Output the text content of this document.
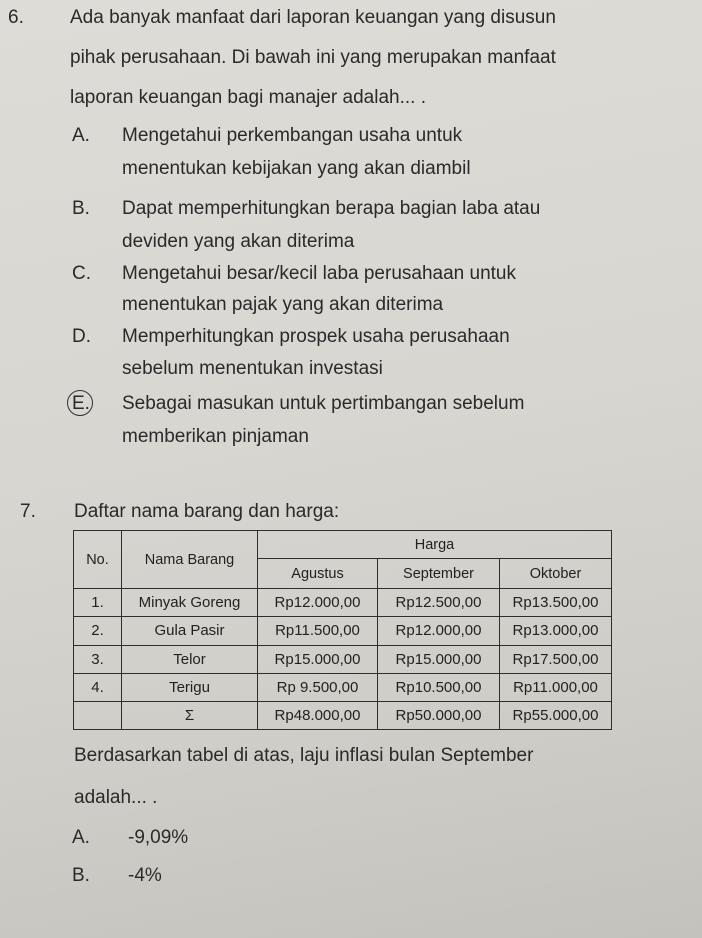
6. Ada banyak manfaat dari laporan keuangan yang disusun
pihak perusahaan. Di bawah ini yang merupakan manfaat
laporan keuangan bagi manajer adalah... .
A. Mengetahui perkembangan usaha untuk
menentukan kebijakan yang akan diambil
B. Dapat memperhitungkan berapa bagian laba atau
deviden yang akan diterima
C. Mengetahui besar/kecil laba perusahaan untuk
menentukan pajak yang akan diterima
D. Memperhitungkan prospek usaha perusahaan
sebelum menentukan investasi
E. Sebagai masukan untuk pertimbangan sebelum
memberikan pinjaman
7. Daftar nama barang dan harga:
No.	Nama Barang	Harga		
		Agustus	September	Oktober
1.	Minyak Goreng	Rp12.000,00	Rp12.500,00	Rp13.500,00
2.	Gula Pasir	Rp11.500,00	Rp12.000,00	Rp13.000,00
3.	Telor	Rp15.000,00	Rp15.000,00	Rp17.500,00
4.	Terigu	Rp 9.500,00	Rp10.500,00	Rp11.000,00
	Σ	Rp48.000,00	Rp50.000,00	Rp55.000,00
Berdasarkan tabel di atas, laju inflasi bulan September
adalah... .
A. -9,09%
B. -4%
